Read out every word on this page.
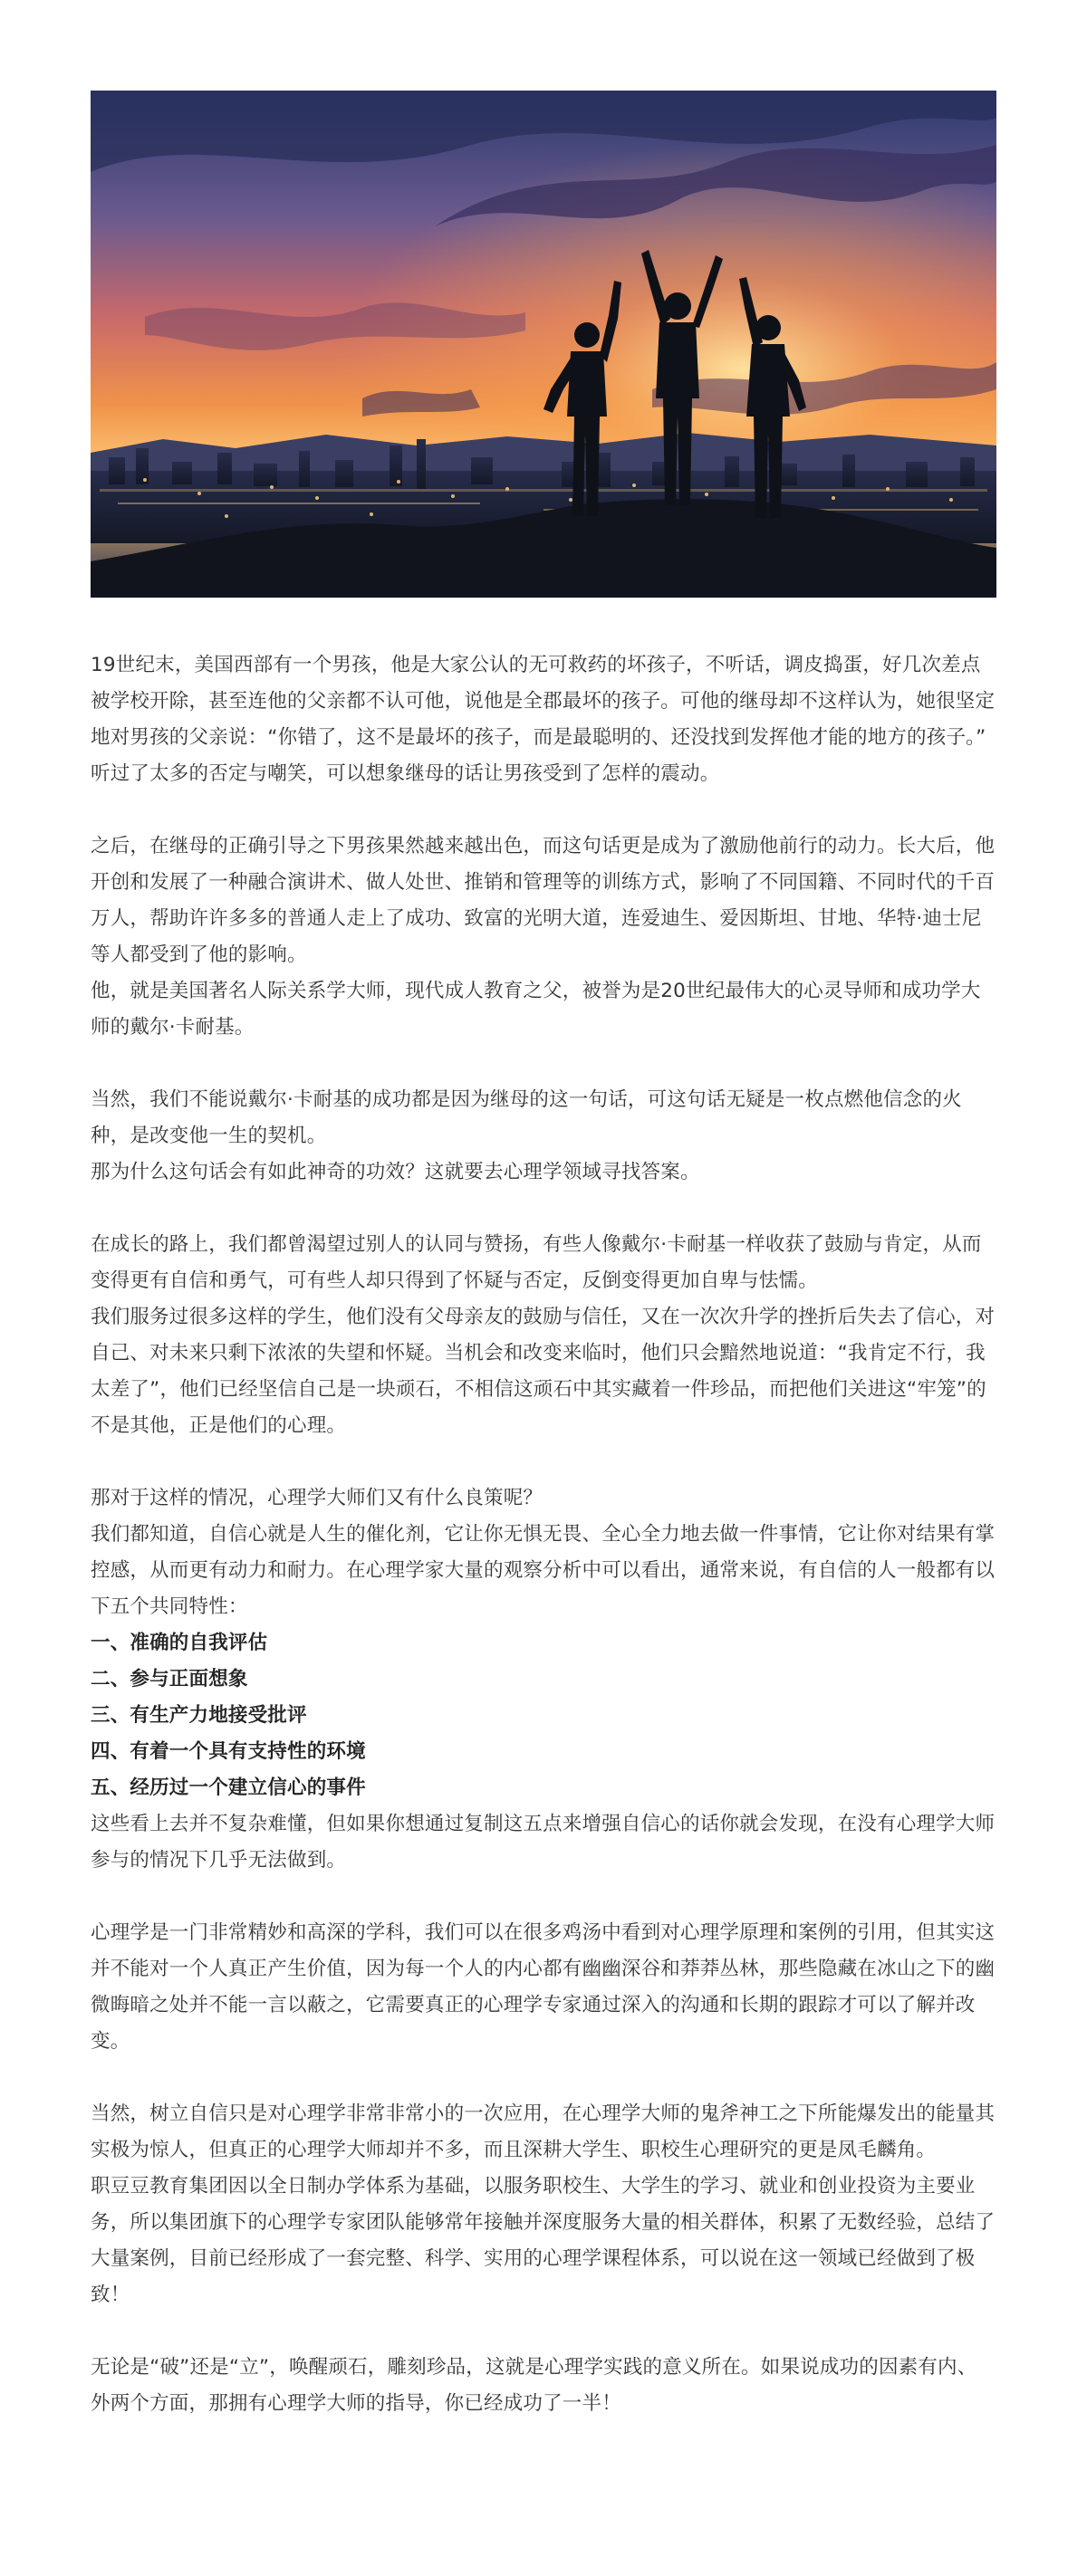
19世纪末，美国西部有一个男孩，他是大家公认的无可救药的坏孩子，不听话，调皮捣蛋，好几次差点被学校开除，甚至连他的父亲都不认可他，说他是全郡最坏的孩子。可他的继母却不这样认为，她很坚定地对男孩的父亲说：“你错了，这不是最坏的孩子，而是最聪明的、还没找到发挥他才能的地方的孩子。”

听过了太多的否定与嘲笑，可以想象继母的话让男孩受到了怎样的震动。

之后，在继母的正确引导之下男孩果然越来越出色，而这句话更是成为了激励他前行的动力。长大后，他开创和发展了一种融合演讲术、做人处世、推销和管理等的训练方式，影响了不同国籍、不同时代的千百万人，帮助许许多多的普通人走上了成功、致富的光明大道，连爱迪生、爱因斯坦、甘地、华特·迪士尼等人都受到了他的影响。

他，就是美国著名人际关系学大师，现代成人教育之父，被誉为是20世纪最伟大的心灵导师和成功学大师的戴尔·卡耐基。

当然，我们不能说戴尔·卡耐基的成功都是因为继母的这一句话，可这句话无疑是一枚点燃他信念的火种，是改变他一生的契机。

那为什么这句话会有如此神奇的功效？这就要去心理学领域寻找答案。

在成长的路上，我们都曾渴望过别人的认同与赞扬，有些人像戴尔·卡耐基一样收获了鼓励与肯定，从而变得更有自信和勇气，可有些人却只得到了怀疑与否定，反倒变得更加自卑与怯懦。

我们服务过很多这样的学生，他们没有父母亲友的鼓励与信任，又在一次次升学的挫折后失去了信心，对自己、对未来只剩下浓浓的失望和怀疑。当机会和改变来临时，他们只会黯然地说道：“我肯定不行，我太差了”，他们已经坚信自己是一块顽石，不相信这顽石中其实藏着一件珍品，而把他们关进这“牢笼”的不是其他，正是他们的心理。

那对于这样的情况，心理学大师们又有什么良策呢？

我们都知道，自信心就是人生的催化剂，它让你无惧无畏、全心全力地去做一件事情，它让你对结果有掌控感，从而更有动力和耐力。在心理学家大量的观察分析中可以看出，通常来说，有自信的人一般都有以下五个共同特性：

一、准确的自我评估

二、参与正面想象

三、有生产力地接受批评

四、有着一个具有支持性的环境

五、经历过一个建立信心的事件

这些看上去并不复杂难懂，但如果你想通过复制这五点来增强自信心的话你就会发现，在没有心理学大师参与的情况下几乎无法做到。

心理学是一门非常精妙和高深的学科，我们可以在很多鸡汤中看到对心理学原理和案例的引用，但其实这并不能对一个人真正产生价值，因为每一个人的内心都有幽幽深谷和莽莽丛林，那些隐藏在冰山之下的幽微晦暗之处并不能一言以蔽之，它需要真正的心理学专家通过深入的沟通和长期的跟踪才可以了解并改变。

当然，树立自信只是对心理学非常非常小的一次应用，在心理学大师的鬼斧神工之下所能爆发出的能量其实极为惊人，但真正的心理学大师却并不多，而且深耕大学生、职校生心理研究的更是凤毛麟角。

职豆豆教育集团因以全日制办学体系为基础，以服务职校生、大学生的学习、就业和创业投资为主要业务，所以集团旗下的心理学专家团队能够常年接触并深度服务大量的相关群体，积累了无数经验，总结了大量案例，目前已经形成了一套完整、科学、实用的心理学课程体系，可以说在这一领域已经做到了极致！

无论是“破”还是“立”，唤醒顽石，雕刻珍品，这就是心理学实践的意义所在。如果说成功的因素有内、外两个方面，那拥有心理学大师的指导，你已经成功了一半！
